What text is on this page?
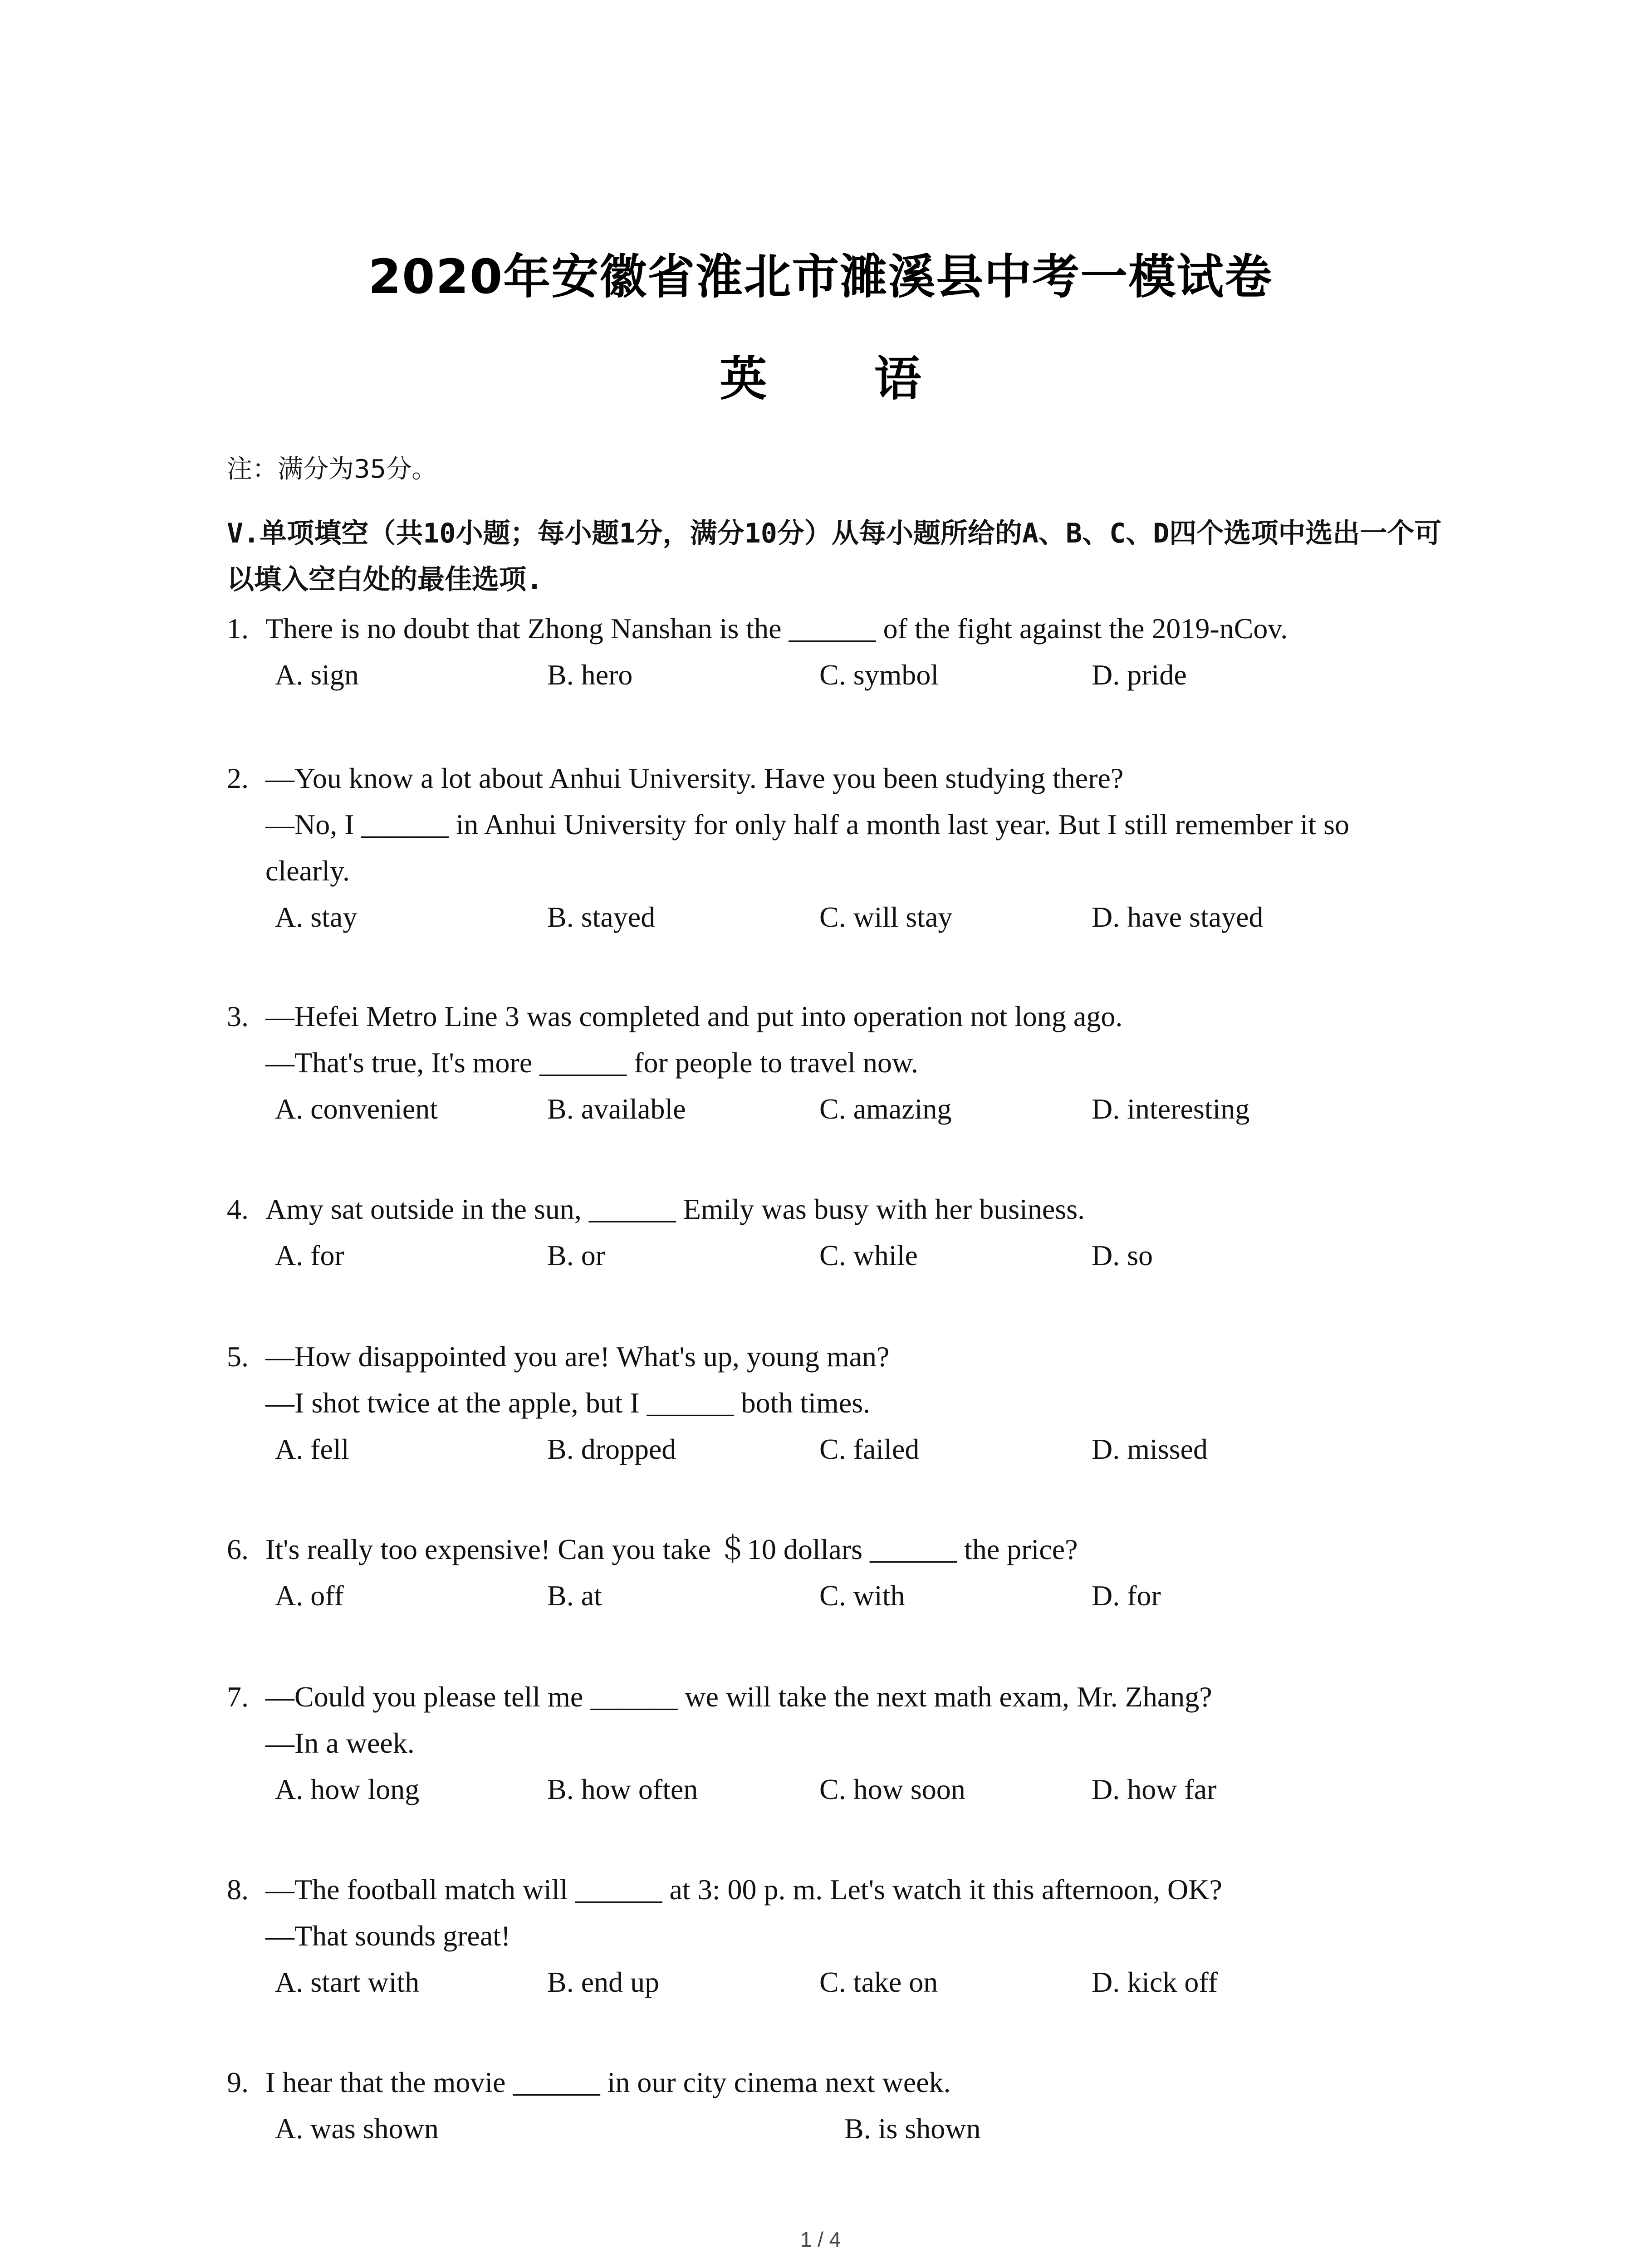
2020年安徽省淮北市濉溪县中考一模试卷
英 语
注：满分为35分。
V.单项填空（共10小题；每小题1分，满分10分）从每小题所给的A、B、C、D四个选项中选出一个可以填入空白处的最佳选项.
1. There is no doubt that Zhong Nanshan is the ______ of the fight against the 2019-nCov.
A. sign	B. hero	C. symbol	D. pride
2. —You know a lot about Anhui University. Have you been studying there?
—No, I ______ in Anhui University for only half a month last year. But I still remember it so
clearly.
A. stay	B. stayed	C. will stay	D. have stayed
3. —Hefei Metro Line 3 was completed and put into operation not long ago.
—That's true, It's more ______ for people to travel now.
A. convenient	B. available	C. amazing	D. interesting
4. Amy sat outside in the sun, ______ Emily was busy with her business.
A. for	B. or	C. while	D. so
5. —How disappointed you are! What's up, young man?
—I shot twice at the apple, but I ______ both times.
A. fell	B. dropped	C. failed	D. missed
6. It's really too expensive! Can you take ＄10 dollars ______ the price?
A. off	B. at	C. with	D. for
7. —Could you please tell me ______ we will take the next math exam, Mr. Zhang?
—In a week.
A. how long	B. how often	C. how soon	D. how far
8. —The football match will ______ at 3: 00 p. m. Let's watch it this afternoon, OK?
—That sounds great!
A. start with	B. end up	C. take on	D. kick off
9. I hear that the movie ______ in our city cinema next week.
A. was shown	B. is shown
1 / 4
